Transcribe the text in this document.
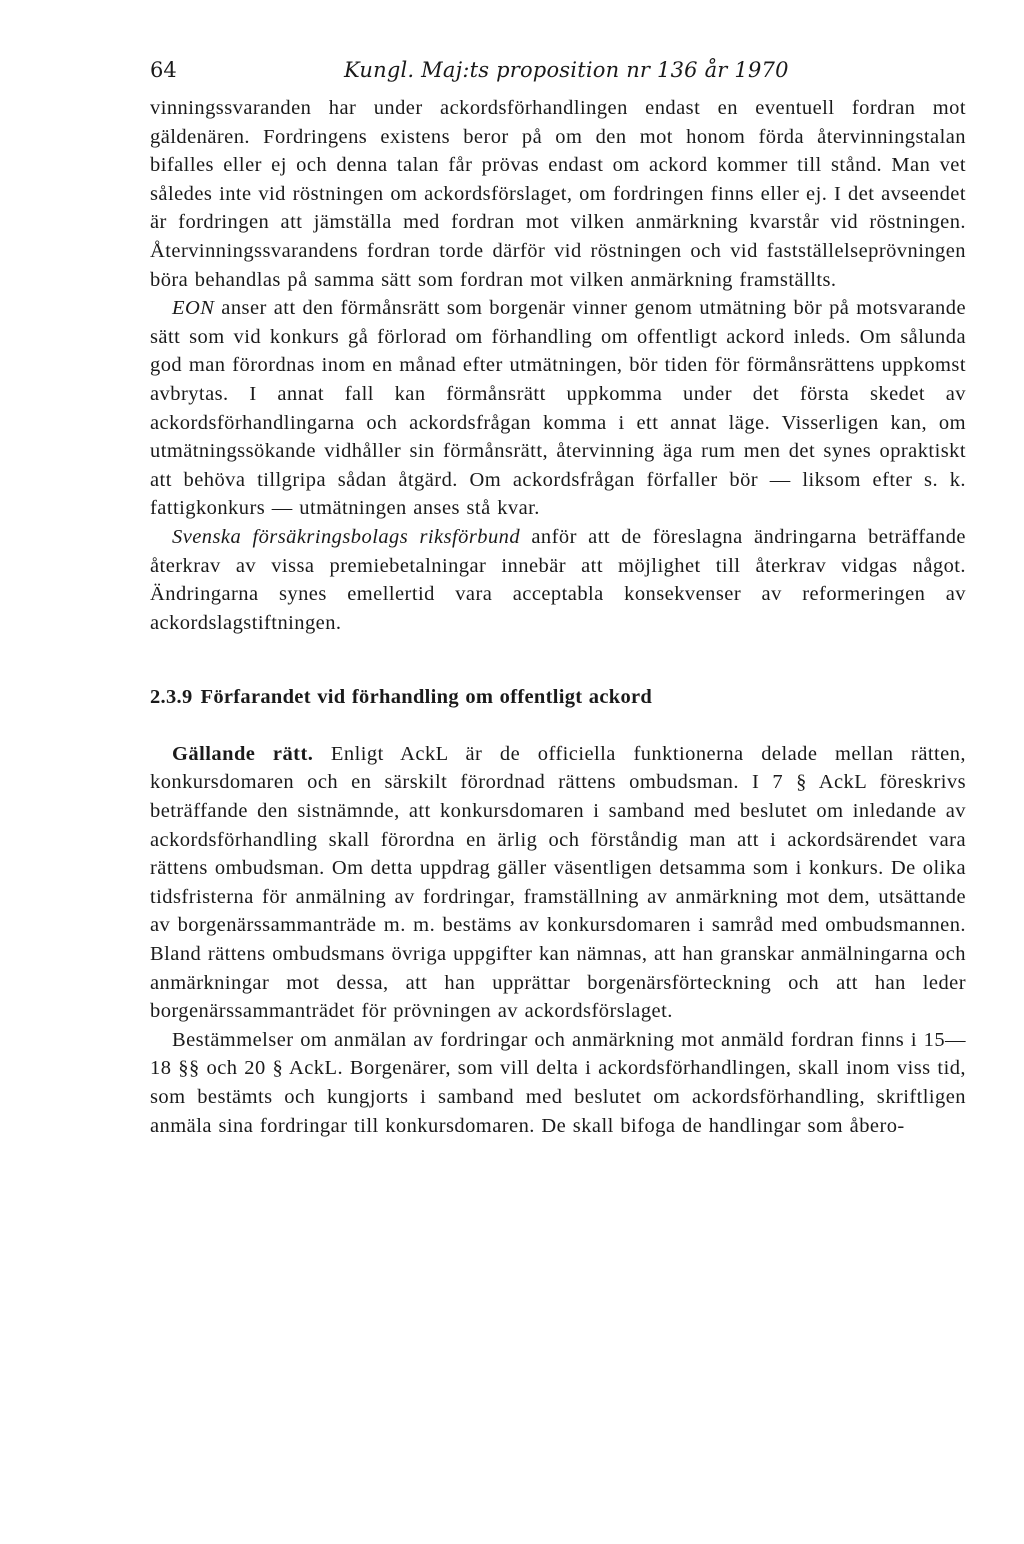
64	Kungl. Maj:ts proposition nr 136 år 1970

vinningssvaranden har under ackordsförhandlingen endast en eventuell fordran mot gäldenären. Fordringens existens beror på om den mot honom förda återvinningstalan bifalles eller ej och denna talan får prövas endast om ackord kommer till stånd. Man vet således inte vid röstningen om ackordsförslaget, om fordringen finns eller ej. I det avseendet är fordringen att jämställa med fordran mot vilken anmärkning kvarstår vid röstningen. Återvinningssvarandens fordran torde därför vid röstningen och vid fastställelseprövningen böra behandlas på samma sätt som fordran mot vilken anmärkning framställts.

EON anser att den förmånsrätt som borgenär vinner genom utmätning bör på motsvarande sätt som vid konkurs gå förlorad om förhandling om offentligt ackord inleds. Om sålunda god man förordnas inom en månad efter utmätningen, bör tiden för förmånsrättens uppkomst avbrytas. I annat fall kan förmånsrätt uppkomma under det första skedet av ackordsförhandlingarna och ackordsfrågan komma i ett annat läge. Visserligen kan, om utmätningssökande vidhåller sin förmånsrätt, återvinning äga rum men det synes opraktiskt att behöva tillgripa sådan åtgärd. Om ackordsfrågan förfaller bör — liksom efter s. k. fattigkonkurs — utmätningen anses stå kvar.

Svenska försäkringsbolags riksförbund anför att de föreslagna ändringarna beträffande återkrav av vissa premiebetalningar innebär att möjlighet till återkrav vidgas något. Ändringarna synes emellertid vara acceptabla konsekvenser av reformeringen av ackordslagstiftningen.

2.3.9 Förfarandet vid förhandling om offentligt ackord

Gällande rätt. Enligt AckL är de officiella funktionerna delade mellan rätten, konkursdomaren och en särskilt förordnad rättens ombudsman. I 7 § AckL föreskrivs beträffande den sistnämnde, att konkursdomaren i samband med beslutet om inledande av ackordsförhandling skall förordna en ärlig och förståndig man att i ackordsärendet vara rättens ombudsman. Om detta uppdrag gäller väsentligen detsamma som i konkurs. De olika tidsfristerna för anmälning av fordringar, framställning av anmärkning mot dem, utsättande av borgenärssammanträde m. m. bestäms av konkursdomaren i samråd med ombudsmannen. Bland rättens ombudsmans övriga uppgifter kan nämnas, att han granskar anmälningarna och anmärkningar mot dessa, att han upprättar borgenärsförteckning och att han leder borgenärssammanträdet för prövningen av ackordsförslaget.

Bestämmelser om anmälan av fordringar och anmärkning mot anmäld fordran finns i 15—18 §§ och 20 § AckL. Borgenärer, som vill delta i ackordsförhandlingen, skall inom viss tid, som bestämts och kungjorts i samband med beslutet om ackordsförhandling, skriftligen anmäla sina fordringar till konkursdomaren. De skall bifoga de handlingar som åbero-
